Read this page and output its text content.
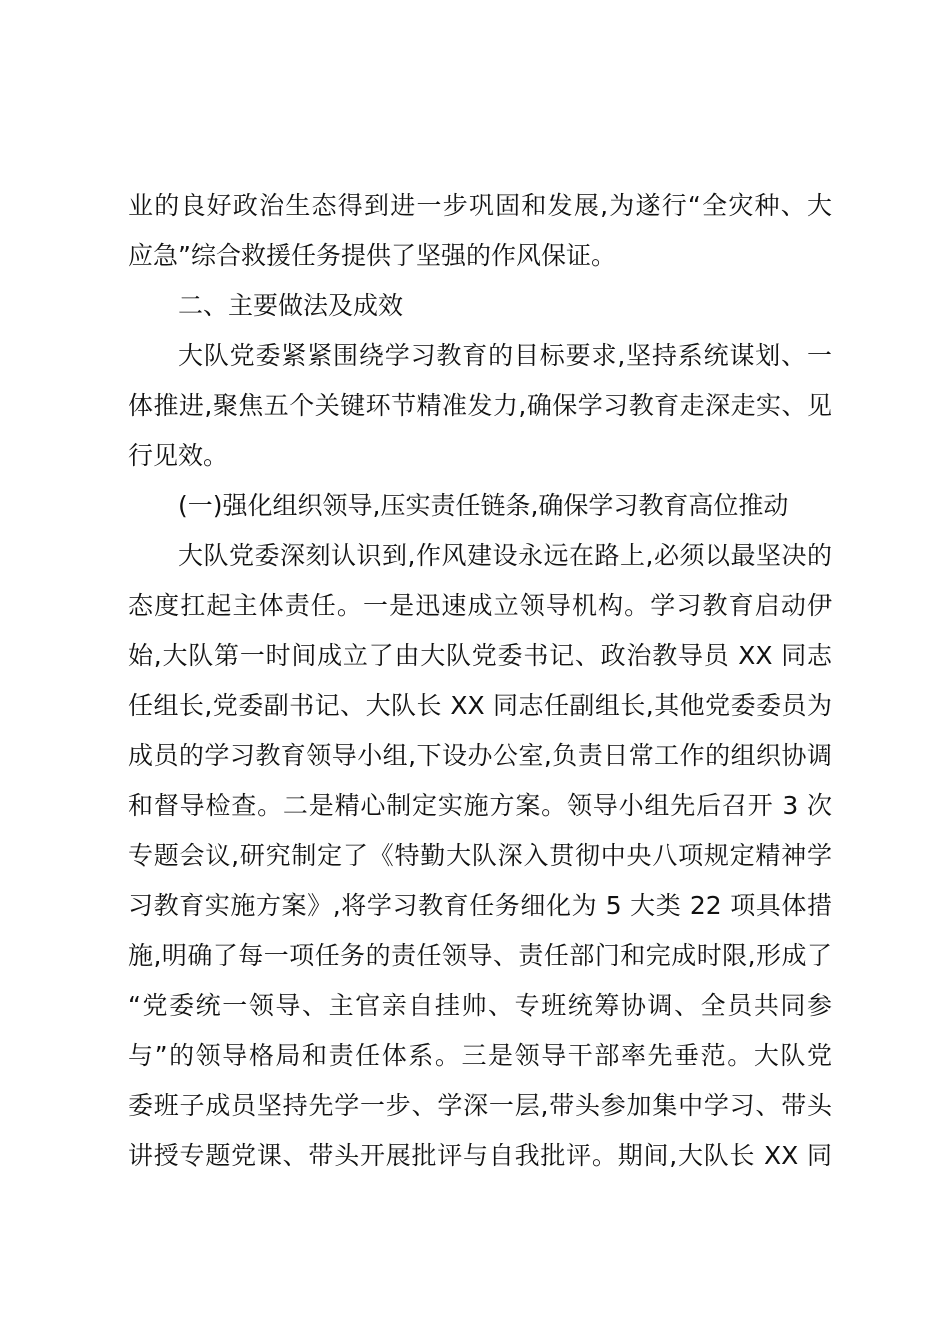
业的良好政治生态得到进一步巩固和发展,为遂行“全灾种、大
应急”综合救援任务提供了坚强的作风保证。
二、主要做法及成效
大队党委紧紧围绕学习教育的目标要求,坚持系统谋划、一
体推进,聚焦五个关键环节精准发力,确保学习教育走深走实、见
行见效。
(一)强化组织领导,压实责任链条,确保学习教育高位推动
大队党委深刻认识到,作风建设永远在路上,必须以最坚决的
态度扛起主体责任。一是迅速成立领导机构。学习教育启动伊
始,大队第一时间成立了由大队党委书记、政治教导员 XX 同志
任组长,党委副书记、大队长 XX 同志任副组长,其他党委委员为
成员的学习教育领导小组,下设办公室,负责日常工作的组织协调
和督导检查。二是精心制定实施方案。领导小组先后召开 3 次
专题会议,研究制定了《特勤大队深入贯彻中央八项规定精神学
习教育实施方案》,将学习教育任务细化为 5 大类 22 项具体措
施,明确了每一项任务的责任领导、责任部门和完成时限,形成了
“党委统一领导、主官亲自挂帅、专班统筹协调、全员共同参
与”的领导格局和责任体系。三是领导干部率先垂范。大队党
委班子成员坚持先学一步、学深一层,带头参加集中学习、带头
讲授专题党课、带头开展批评与自我批评。期间,大队长 XX 同
